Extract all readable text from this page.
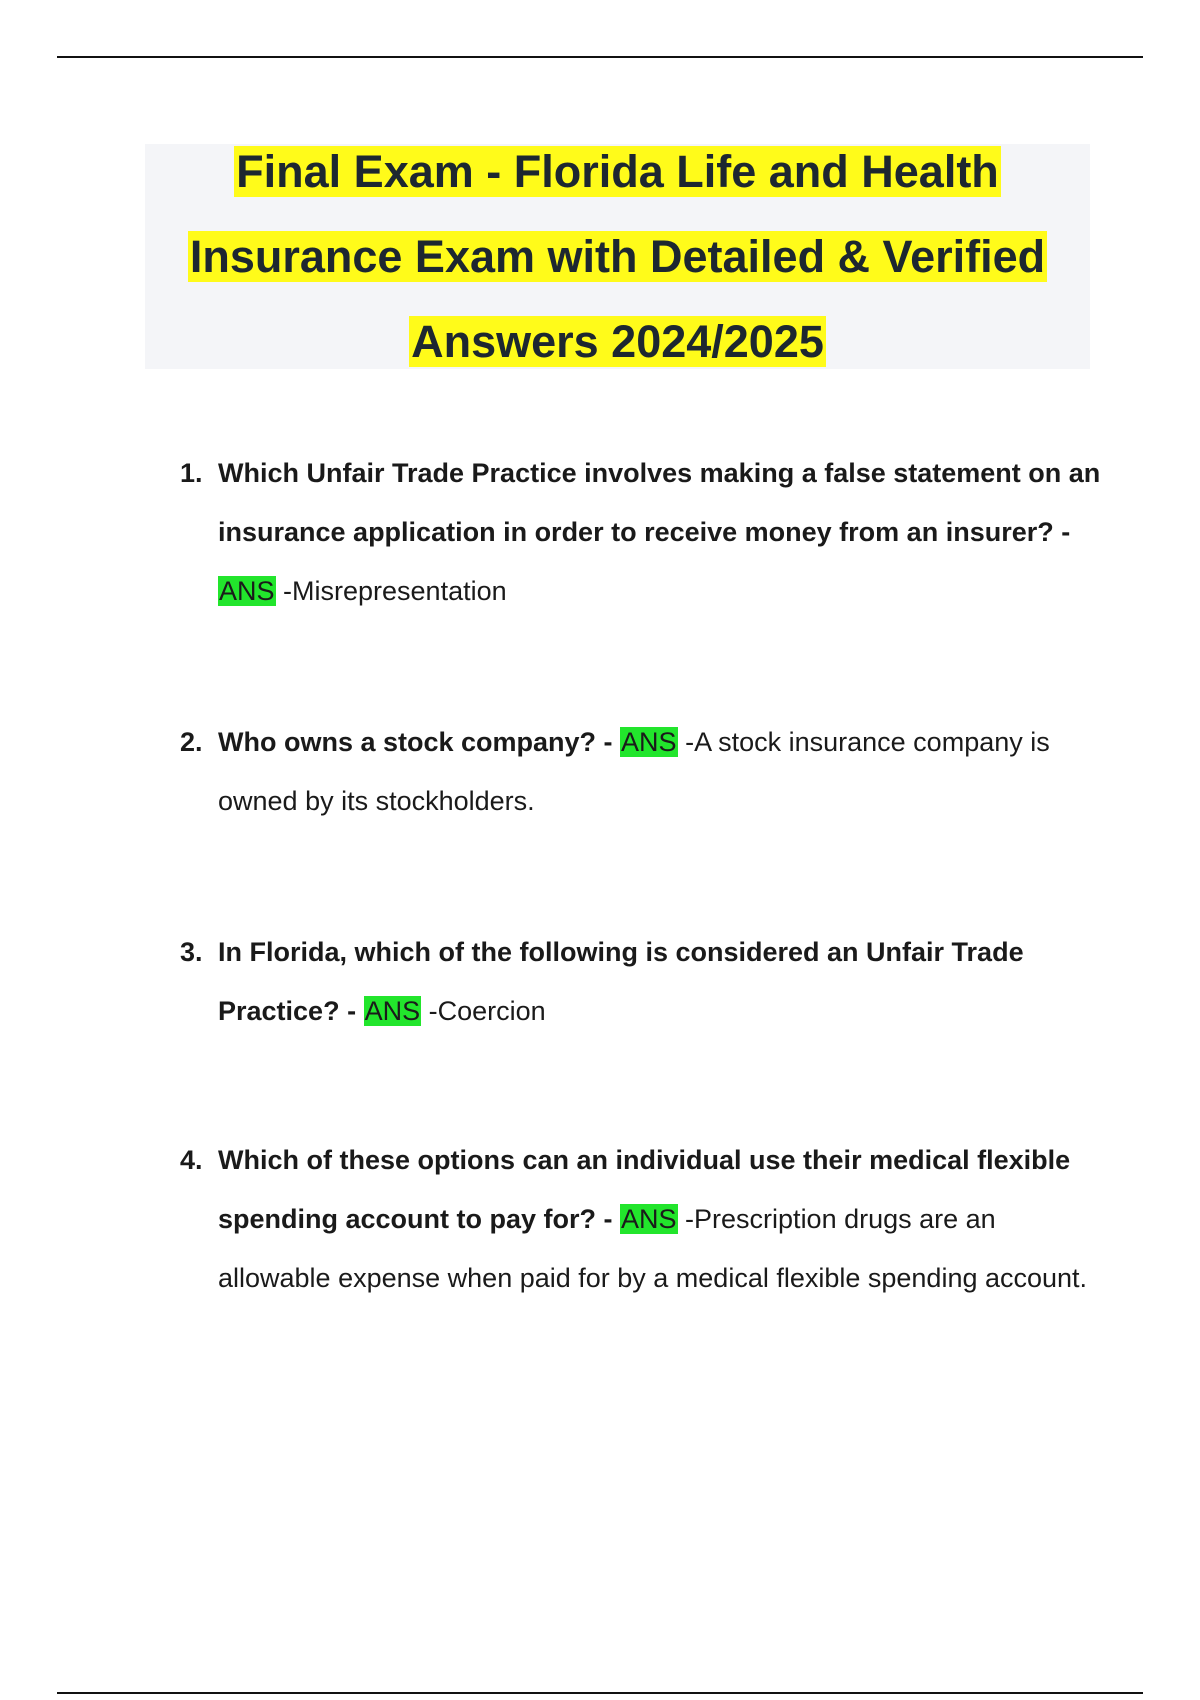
Final Exam - Florida Life and Health
Insurance Exam with Detailed & Verified
Answers 2024/2025

1. Which Unfair Trade Practice involves making a false statement on an insurance application in order to receive money from an insurer? - ANS -Misrepresentation
2. Who owns a stock company? - ANS -A stock insurance company is owned by its stockholders.
3. In Florida, which of the following is considered an Unfair Trade Practice? - ANS -Coercion
4. Which of these options can an individual use their medical flexible spending account to pay for? - ANS -Prescription drugs are an allowable expense when paid for by a medical flexible spending account.
